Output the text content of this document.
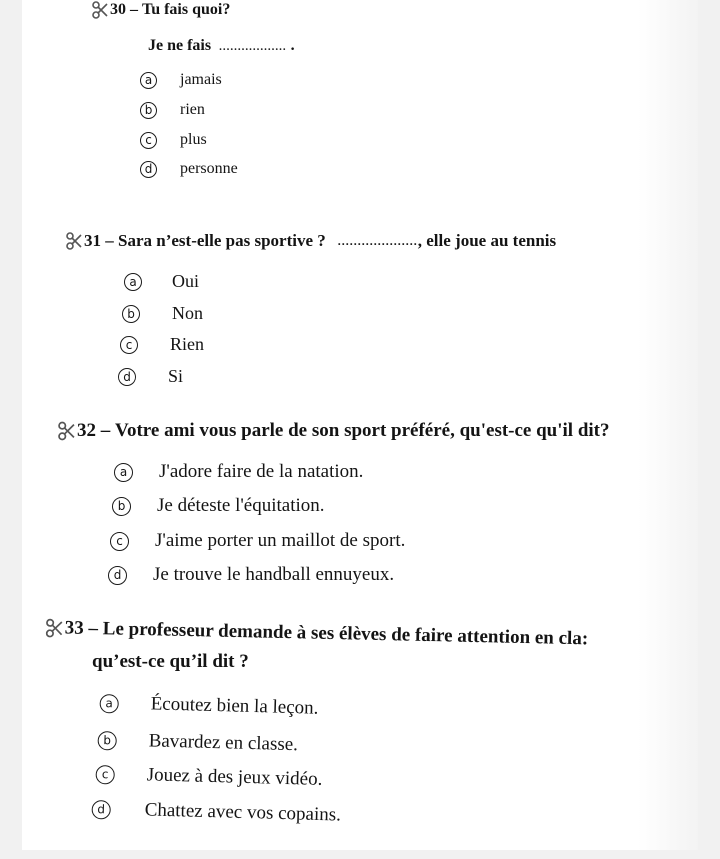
30 –
Tu fais quoi?
Je ne fais .................. .
a	jamais
b rien
c	plus
d personne
31 –
Sara n’est-elle pas sportive ? .................... , elle joue au tennis
a Oui
b Non
c	Rien
d Si
32 –
Votre ami vous parle de son sport préféré, qu'est-ce qu'il dit?
a	J'adore faire de la natation.
b Je déteste l'équitation.
c	J'aime porter un maillot de sport.
d Je trouve le handball ennuyeux.
33 –
Le professeur demande à ses élèves de faire attention en cla:
qu’est-ce qu’il dit ?
a	Écoutez bien la leçon.
b	Bavardez en classe.
c	Jouez à des jeux vidéo.
d	Chattez avec vos copains.
